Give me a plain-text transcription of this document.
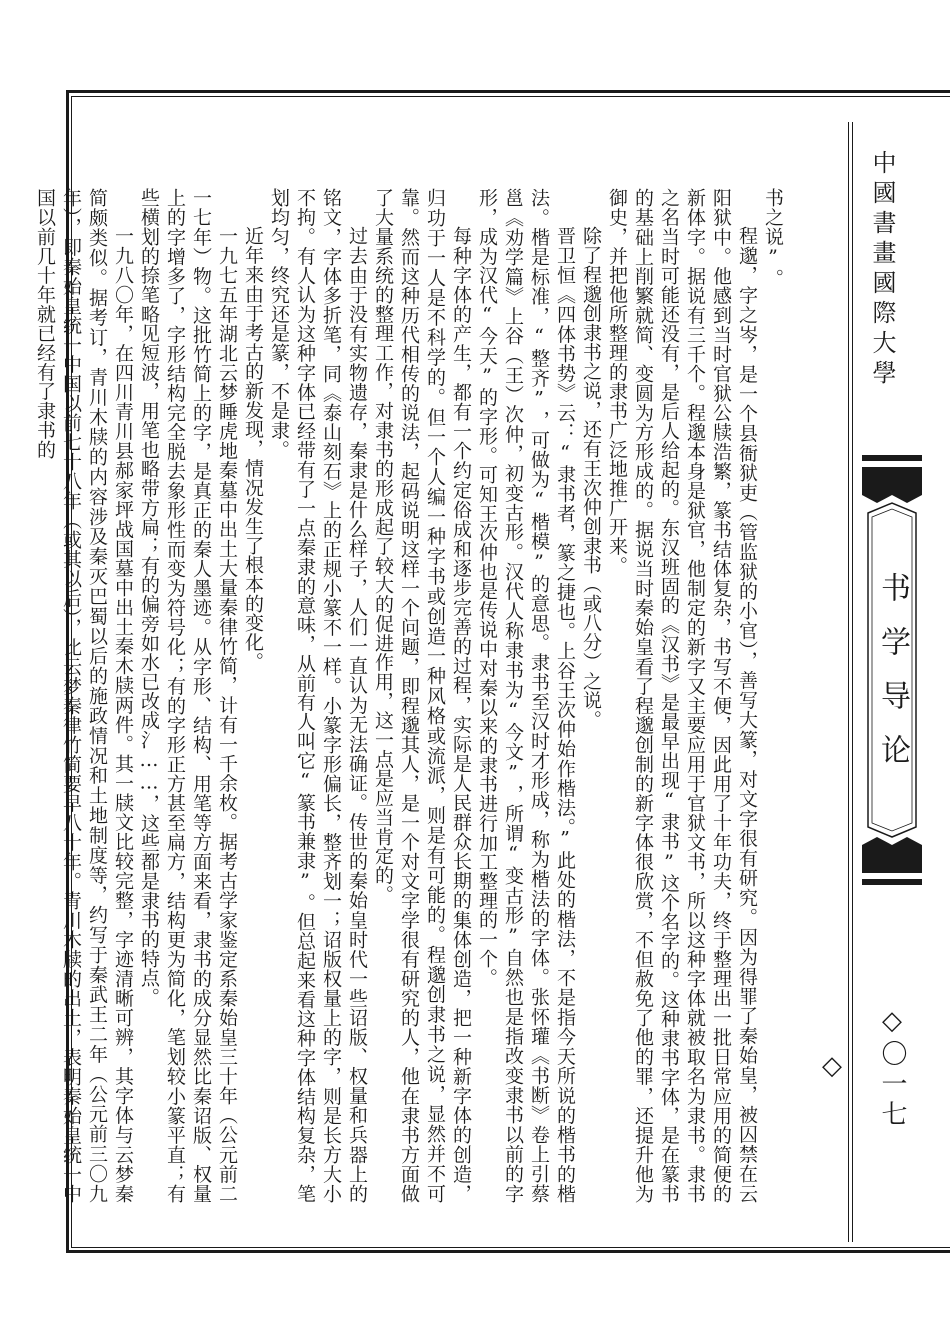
书之说”。

程邈，字之岑，是一个县衙狱吏（管监狱的小官），善写大篆，对文字很有研究。因为得罪了秦始皇，被囚禁在云阳狱中。他感到当时官狱公牍浩繁，篆书结体复杂，书写不便，因此用了十年功夫，终于整理出一批日常应用的简便的新体字。据说有三千个。程邈本身是狱官，他制定的新字又主要应用于官狱文书，所以这种字体就被取名为隶书。隶书之名当时可能还没有，是后人给起的。东汉班固的《汉书》是最早出现“隶书”这个名字的。这种隶书字体，是在篆书的基础上削繁就简、变圆为方形成的。据说当时秦始皇看了程邈创制的新字体很欣赏，不但赦免了他的罪，还提升他为御史，并把他所整理的隶书广泛地推广开来。

除了程邈创隶书之说，还有王次仲创隶书（或八分）之说。

晋卫恒《四体书势》云：“隶书者，篆之捷也。上谷王次仲始作楷法。”此处的楷法，不是指今天所说的楷书的楷法。楷是标准，“整齐”，可做为“楷模”的意思。隶书至汉时才形成，称为楷法的字体。张怀瓘《书断》卷上引蔡邕《劝学篇》上谷（王）次仲，初变古形。汉代人称隶书为“今文”，所谓“变古形”自然也是指改变隶书以前的字形，成为汉代“今天”的字形。可知王次仲也是传说中对秦以来的隶书进行加工整理的一个。

每种字体的产生，都有一个约定俗成和逐步完善的过程，实际是人民群众长期的集体创造，把一种新字体的创造，归功于一人是不科学的。但一个人编一种字书或创造一种风格或流派，则是有可能的。程邈创隶书之说，显然并不可靠。然而这种历代相传的说法，起码说明这样一个问题，即程邈其人，是一个对文字学很有研究的人，他在隶书方面做了大量系统的整理工作，对隶书的形成起了较大的促进作用，这一点是应当肯定的。

过去由于没有实物遗存，秦隶是什么样子，人们一直认为无法确证。传世的秦始皇时代一些诏版、权量和兵器上的铭文，字体多折笔，同《泰山刻石》上的正规小篆不一样。小篆字形偏长，整齐划一；诏版权量上的字，则是长方大小不拘。有人认为这种字体已经带有了一点秦隶的意味，从前有人叫它“篆书兼隶”。但总起来看这种字体结构复杂，笔划均匀，终究还是篆，不是隶。

近年来由于考古的新发现，情况发生了根本的变化。

一九七五年湖北云梦睡虎地秦墓中出土大量秦律竹简，计有一千余枚。据考古学家鉴定系秦始皇三十年（公元前二一七年）物。这批竹简上的字，是真正的秦人墨迹。从字形、结构、用笔等方面来看，隶书的成分显然比秦诏版、权量上的字增多了，字形结构完全脱去象形性而变为符号化；有的字形正方甚至扁方，结构更为简化，笔划较小篆平直；有些横划的捺笔略见短波，用笔也略带方扁；有的偏旁如水已改成氵……，这些都是隶书的特点。

一九八〇年，在四川青川县郝家坪战国墓中出土秦木牍两件。其一牍文比较完整，字迹清晰可辨，其字体与云梦秦简颇类似。据考订，青川木牍的内容涉及秦灭巴蜀以后的施政情况和土地制度等，约写于秦武王二年（公元前三〇九年），即秦始皇统一中国以前七十八年（或其以后），比云梦秦律竹简要早八十年。青川木牍的出土，表明秦始皇统一中国以前几十年就已经有了隶书的	中國書畫國際大學
书学导论
◇〇一七◇
